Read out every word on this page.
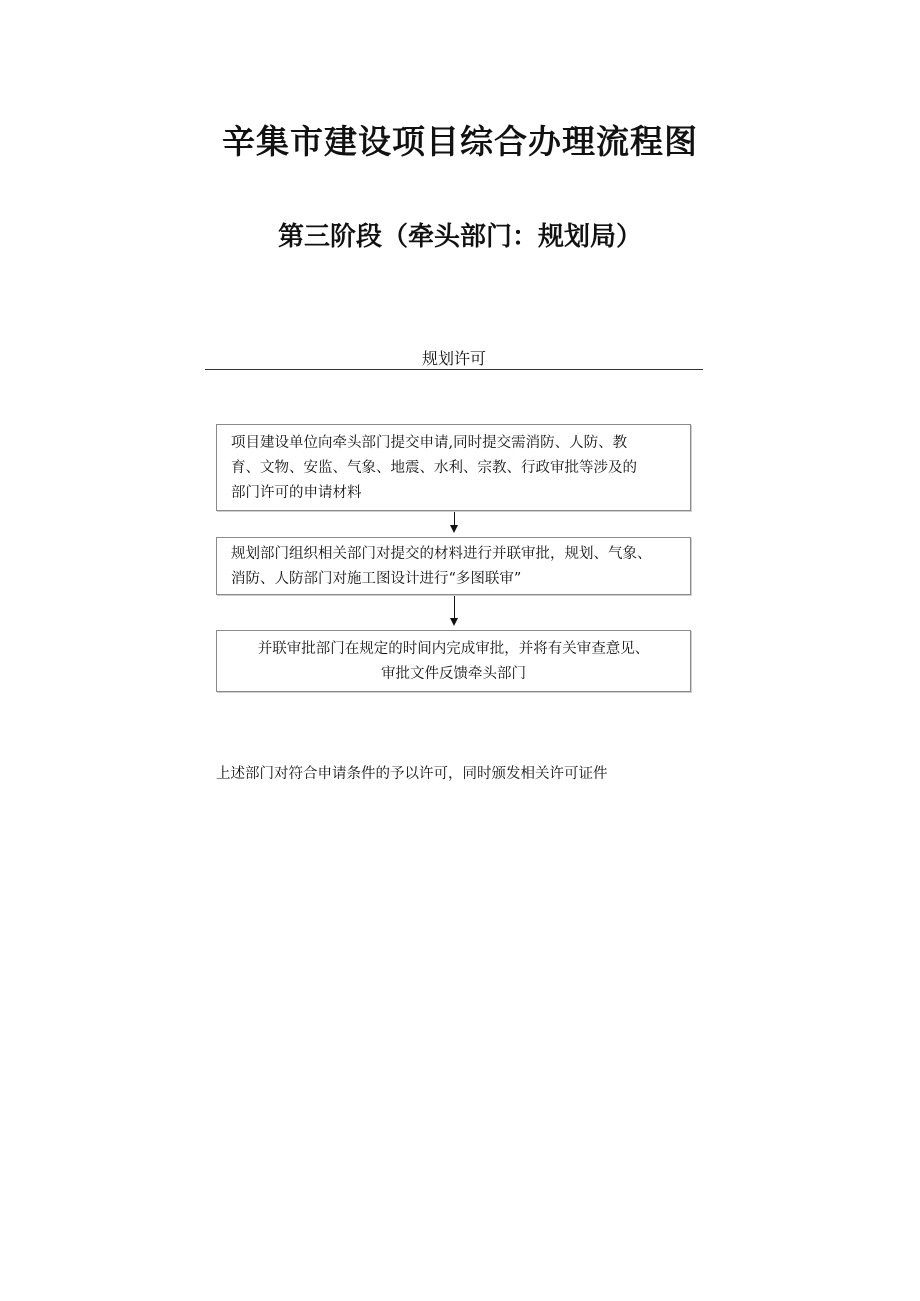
辛集市建设项目综合办理流程图
第三阶段（牵头部门：规划局）
规划许可
项目建设单位向牵头部门提交申请,同时提交需消防、人防、教
育、文物、安监、气象、地震、水利、宗教、行政审批等涉及的
部门许可的申请材料
规划部门组织相关部门对提交的材料进行并联审批，规划、气象、
消防、人防部门对施工图设计进行“多图联审”
并联审批部门在规定的时间内完成审批，并将有关审查意见、
审批文件反馈牵头部门
上述部门对符合申请条件的予以许可，同时颁发相关许可证件
